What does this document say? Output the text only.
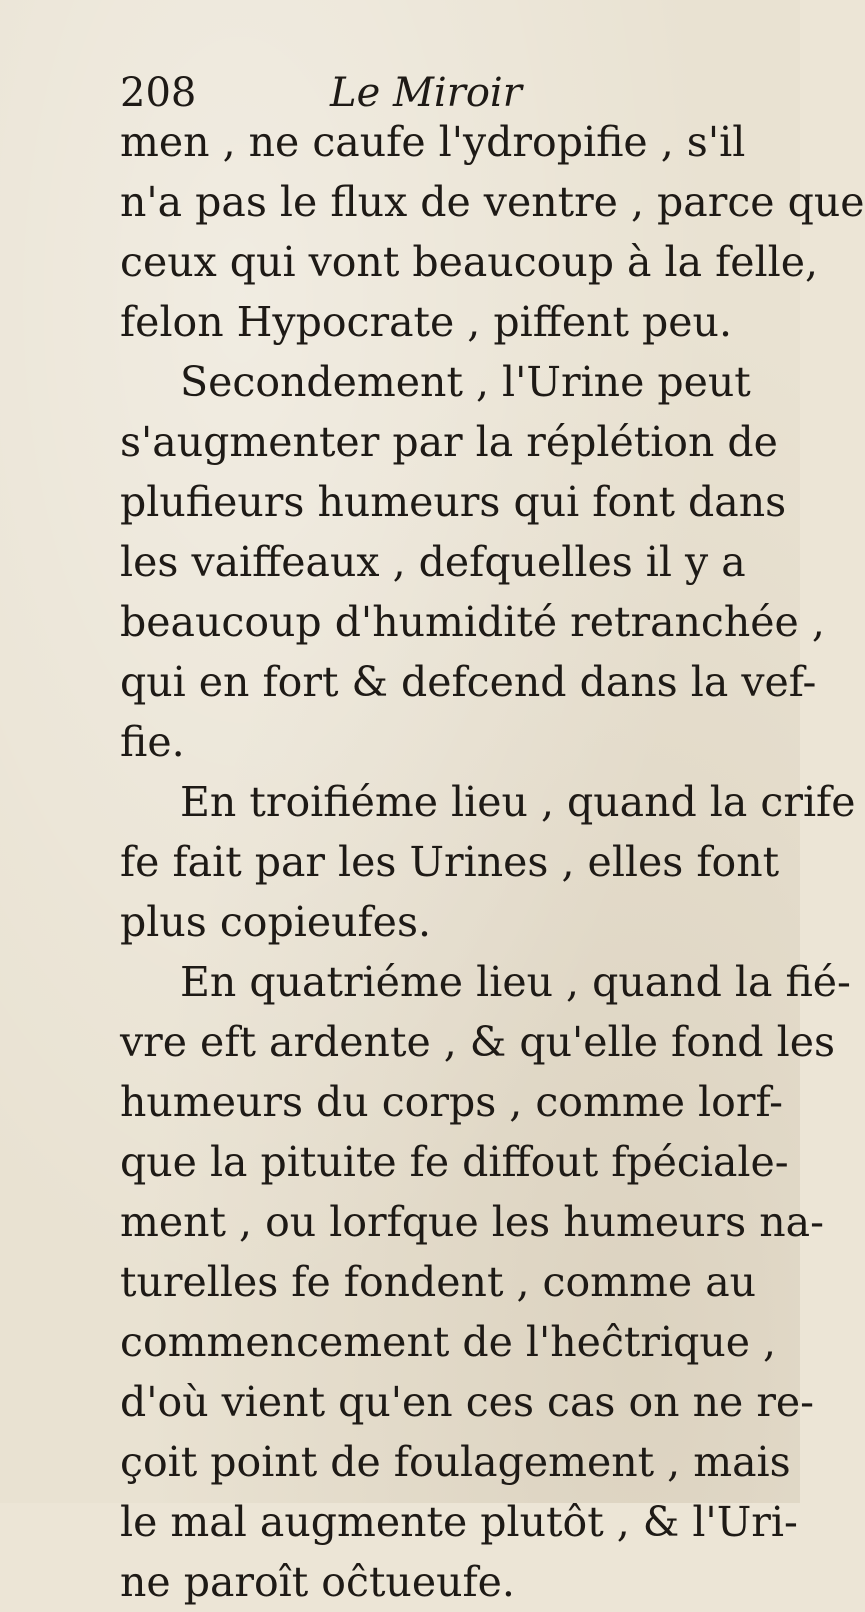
208	Le Miroir
men , ne caufe l'ydropifie , s'il
n'a pas le flux de ventre , parce que
ceux qui vont beaucoup à la felle,
felon Hypocrate , piffent peu.
Secondement , l'Urine peut
s'augmenter par la réplétion de
plufieurs humeurs qui font dans
les vaiffeaux , defquelles il y a
beaucoup d'humidité retranchée ,
qui en fort & defcend dans la vef-
fie.
En troifiéme lieu , quand la crife
fe fait par les Urines , elles font
plus copieufes.
En quatriéme lieu , quand la fié-
vre eft ardente , & qu'elle fond les
humeurs du corps , comme lorf-
que la pituite fe diffout fpéciale-
ment , ou lorfque les humeurs na-
turelles fe fondent , comme au
commencement de l'heĉtrique ,
d'où vient qu'en ces cas on ne re-
çoit point de foulagement , mais
le mal augmente plutôt , & l'Uri-
ne paroît oĉtueufe.
